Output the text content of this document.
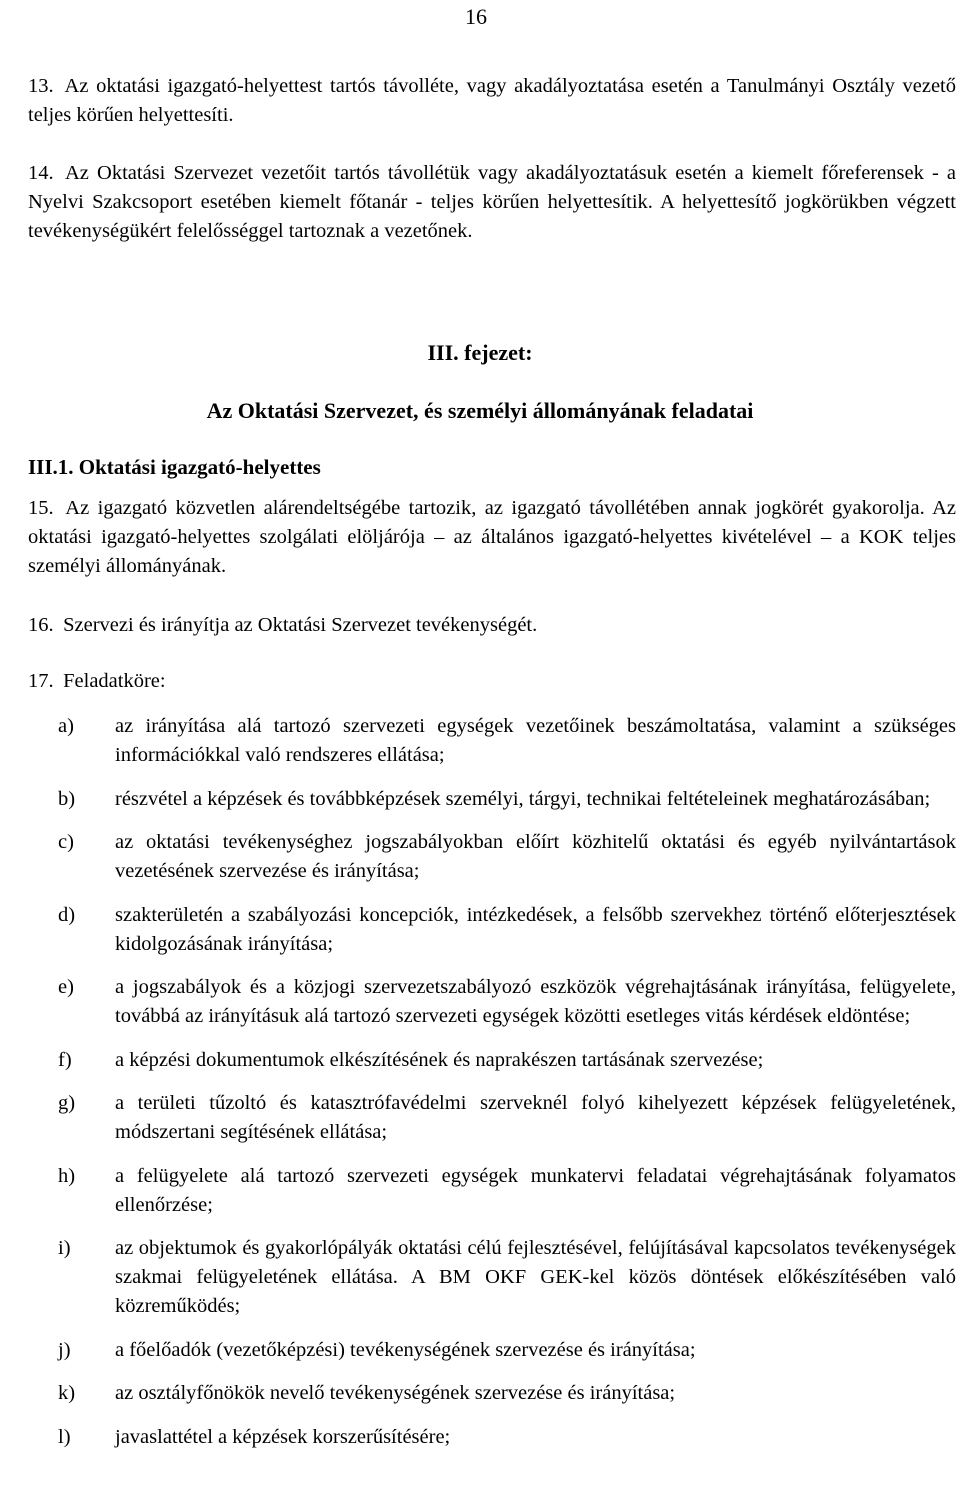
16

13. Az oktatási igazgató-helyettest tartós távolléte, vagy akadályoztatása esetén a Tanulmányi Osztály vezető teljes körűen helyettesíti.

14. Az Oktatási Szervezet vezetőit tartós távollétük vagy akadályoztatásuk esetén a kiemelt főreferensek - a Nyelvi Szakcsoport esetében kiemelt főtanár - teljes körűen helyettesítik. A helyettesítő jogkörükben végzett tevékenységükért felelősséggel tartoznak a vezetőnek.

III. fejezet:
Az Oktatási Szervezet, és személyi állományának feladatai
III.1. Oktatási igazgató-helyettes

15. Az igazgató közvetlen alárendeltségébe tartozik, az igazgató távollétében annak jogkörét gyakorolja. Az oktatási igazgató-helyettes szolgálati elöljárója – az általános igazgató-helyettes kivételével – a KOK teljes személyi állományának.

16. Szervezi és irányítja az Oktatási Szervezet tevékenységét.

17. Feladatköre:

a) az irányítása alá tartozó szervezeti egységek vezetőinek beszámoltatása, valamint a szükséges információkkal való rendszeres ellátása;
b) részvétel a képzések és továbbképzések személyi, tárgyi, technikai feltételeinek meghatározásában;
c) az oktatási tevékenységhez jogszabályokban előírt közhitelű oktatási és egyéb nyilvántartások vezetésének szervezése és irányítása;
d) szakterületén a szabályozási koncepciók, intézkedések, a felsőbb szervekhez történő előterjesztések kidolgozásának irányítása;
e) a jogszabályok és a közjogi szervezetszabályozó eszközök végrehajtásának irányítása, felügyelete, továbbá az irányításuk alá tartozó szervezeti egységek közötti esetleges vitás kérdések eldöntése;
f) a képzési dokumentumok elkészítésének és naprakészen tartásának szervezése;
g) a területi tűzoltó és katasztrófavédelmi szerveknél folyó kihelyezett képzések felügyeletének, módszertani segítésének ellátása;
h) a felügyelete alá tartozó szervezeti egységek munkatervi feladatai végrehajtásának folyamatos ellenőrzése;
i) az objektumok és gyakorlópályák oktatási célú fejlesztésével, felújításával kapcsolatos tevékenységek szakmai felügyeletének ellátása. A BM OKF GEK-kel közös döntések előkészítésében való közreműködés;
j) a főelőadók (vezetőképzési) tevékenységének szervezése és irányítása;
k) az osztályfőnökök nevelő tevékenységének szervezése és irányítása;
l) javaslattétel a képzések korszerűsítésére;
